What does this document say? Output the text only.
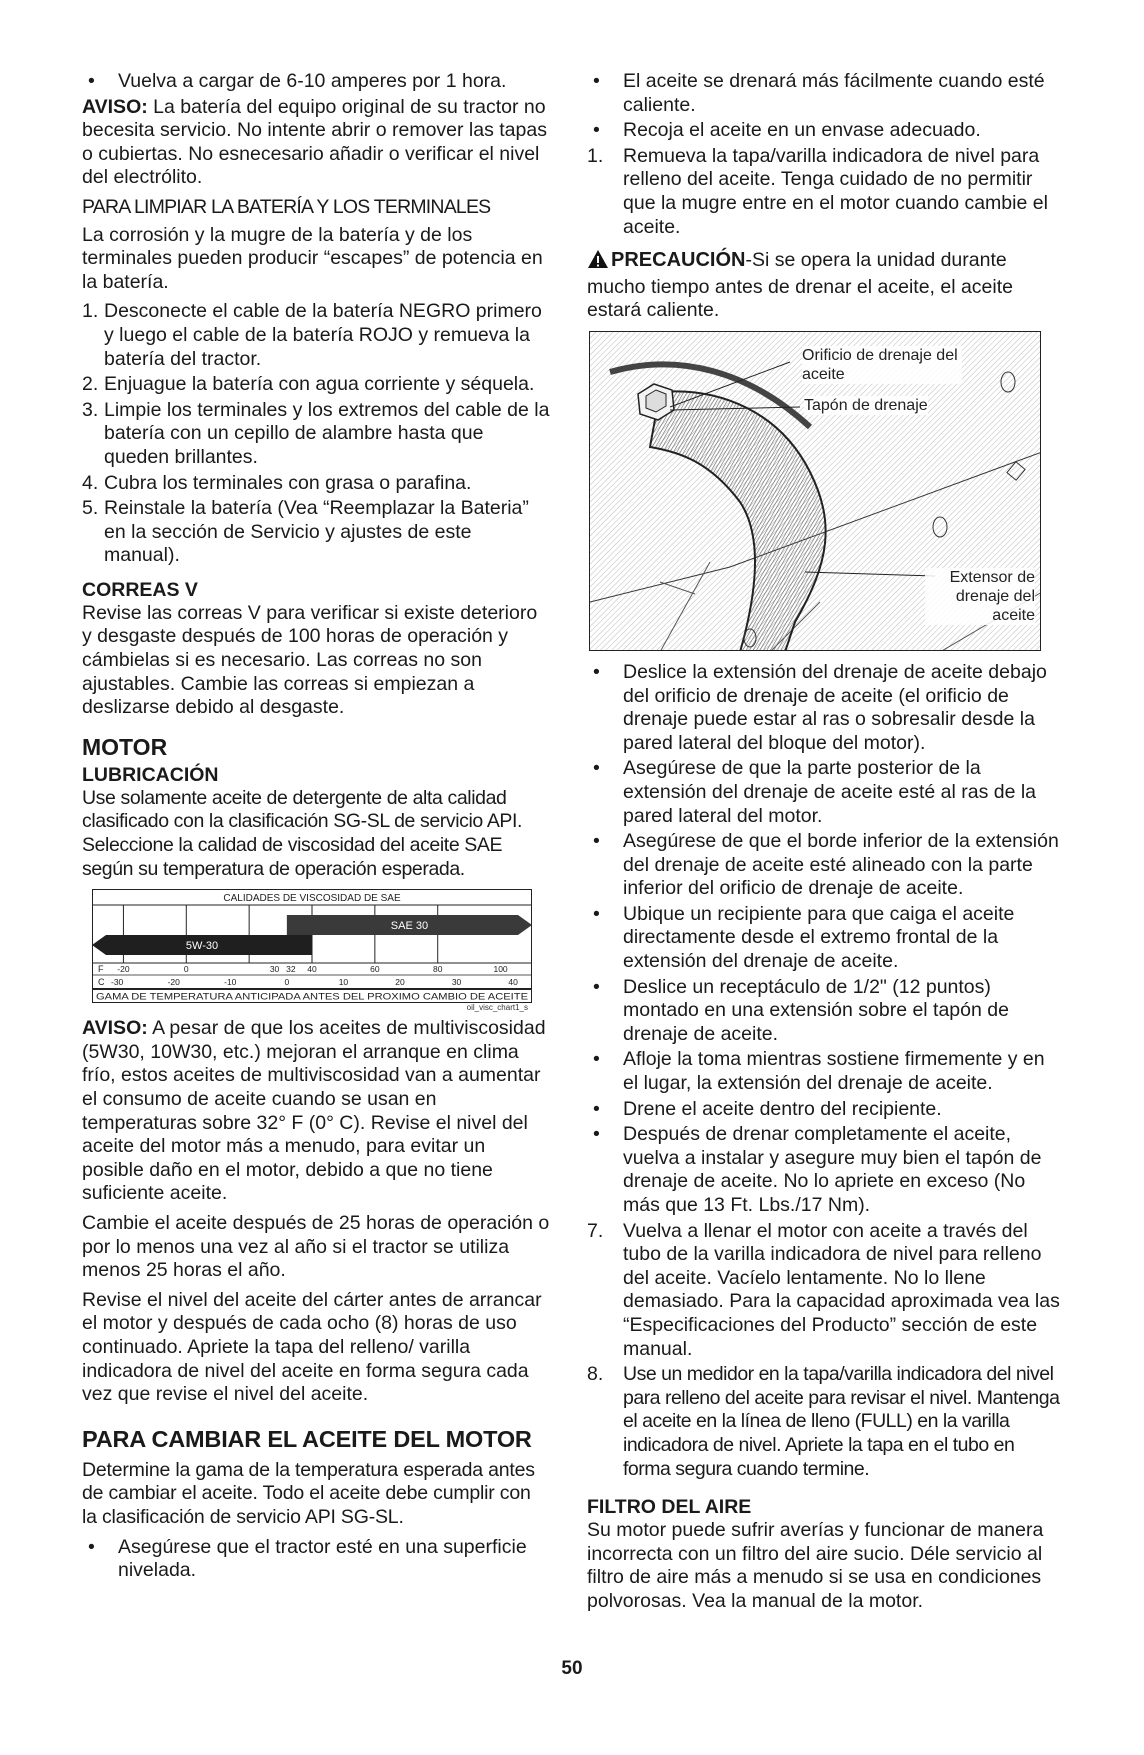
•	Vuelva a cargar de 6-10 amperes por 1 hora.

AVISO: La batería del equipo original de su tractor no becesita servicio. No intente abrir o remover las tapas o cubiertas. No esnecesario añadir o verificar el nivel del electrólito.

PARA LIMPIAR LA BATERÍA Y LOS TERMINALES

La corrosión y la mugre de la batería y de los terminales pueden producir “escapes” de potencia en la batería.

1. Desconecte el cable de la batería NEGRO primero y luego el cable de la batería ROJO y remueva la batería del tractor.
2. Enjuague la batería con agua corriente y séquela.
3. Limpie los terminales y los extremos del cable de la batería con un cepillo de alambre hasta que queden brillantes.
4. Cubra los terminales con grasa o parafina.
5. Reinstale la batería (Vea “Reemplazar la Bateria” en la sección de Servicio y ajustes de este manual).
CORREAS V

Revise las correas V para verificar si existe deterioro y desgaste después de 100 horas de operación y cámbielas si es necesario. Las correas no son ajustables. Cambie las correas si empiezan a deslizarse debido al desgaste.

MOTOR
LUBRICACIÓN

Use solamente aceite de detergente de alta calidad clasificado con la clasificación SG-SL de servicio API. Seleccione la calidad de viscosidad del aceite SAE según su temperatura de operación esperada.

CALIDADES DE VISCOSIDAD DE SAE
5W-30
SAE 30
F -20	0	30 32 40	60	80	100
C -30	-20	-10	0	10	20	30	40
GAMA DE TEMPERATURA ANTICIPADA ANTES DEL PROXIMO CAMBIO DE ACEITE
oil_visc_chart1_s

AVISO: A pesar de que los aceites de multiviscosidad (5W30, 10W30, etc.) mejoran el arranque en clima frío, estos aceites de multiviscosidad van a aumentar el consumo de aceite cuando se usan en temperaturas sobre 32° F (0° C). Revise el nivel del aceite del motor más a menudo, para evitar un posible daño en el motor, debido a que no tiene suficiente aceite.

Cambie el aceite después de 25 horas de operación o por lo menos una vez al año si el tractor se utiliza menos 25 horas el año.

Revise el nivel del aceite del cárter antes de arrancar el motor y después de cada ocho (8) horas de uso continuado. Apriete la tapa del relleno/ varilla indicadora de nivel del aceite en forma segura cada vez que revise el nivel del aceite.

PARA CAMBIAR EL ACEITE DEL MOTOR

Determine la gama de la temperatura esperada antes de cambiar el aceite. Todo el aceite debe cumplir con la clasificación de servicio API SG-SL.

•	Asegúrese que el tractor esté en una superficie nivelada.
•	El aceite se drenará más fácilmente cuando esté caliente.
•	Recoja el aceite en un envase adecuado.
1.	Remueva la tapa/varilla indicadora de nivel para relleno del aceite. Tenga cuidado de no permitir que la mugre entre en el motor cuando cambie el aceite.
PRECAUCIÓN-Si se opera la unidad durante mucho tiempo antes de drenar el aceite, el aceite estará caliente.
Orificio de drenaje del aceite
Tapón de drenaje
Extensor de drenaje del aceite
•	Deslice la extensión del drenaje de aceite debajo del orificio de drenaje de aceite (el orificio de drenaje puede estar al ras o sobresalir desde la pared lateral del bloque del motor).
•	Asegúrese de que la parte posterior de la extensión del drenaje de aceite esté al ras de la pared lateral del motor.
•	Asegúrese de que el borde inferior de la extensión del drenaje de aceite esté alineado con la parte inferior del orificio de drenaje de aceite.
•	Ubique un recipiente para que caiga el aceite directamente desde el extremo frontal de la extensión del drenaje de aceite.
•	Deslice un receptáculo de 1/2" (12 puntos) montado en una extensión sobre el tapón de drenaje de aceite.
•	Afloje la toma mientras sostiene firmemente y en el lugar, la extensión del drenaje de aceite.
•	Drene el aceite dentro del recipiente.
•	Después de drenar completamente el aceite, vuelva a instalar y asegure muy bien el tapón de drenaje de aceite. No lo apriete en exceso (No más que 13 Ft. Lbs./17 Nm).
7.	Vuelva a llenar el motor con aceite a través del tubo de la varilla indicadora de nivel para relleno del aceite. Vacíelo lentamente. No lo llene demasiado. Para la capacidad aproximada vea las “Especificaciones del Producto” sección de este manual.
8.	Use un medidor en la tapa/varilla indicadora del nivel para relleno del aceite para revisar el nivel. Mantenga el aceite en la línea de lleno (FULL) en la varilla indicadora de nivel. Apriete la tapa en el tubo en forma segura cuando termine.
FILTRO DEL AIRE

Su motor puede sufrir averías y funcionar de manera incorrecta con un filtro del aire sucio. Déle servicio al filtro de aire más a menudo si se usa en condiciones polvorosas. Vea la manual de la motor.

50
